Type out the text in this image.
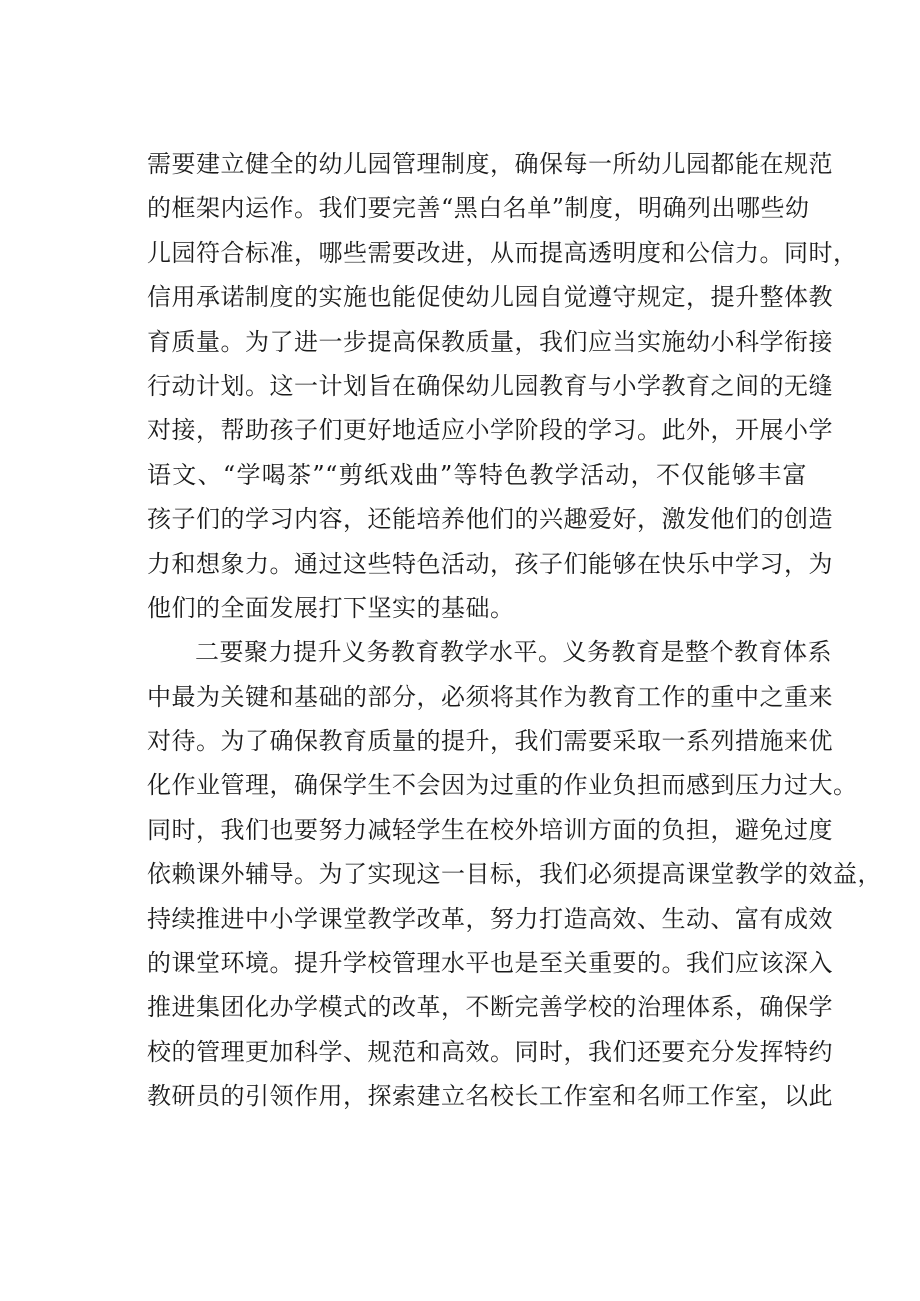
需要建立健全的幼儿园管理制度，确保每一所幼儿园都能在规范
的框架内运作。我们要完善“黑白名单”制度，明确列出哪些幼
儿园符合标准，哪些需要改进，从而提高透明度和公信力。同时，
信用承诺制度的实施也能促使幼儿园自觉遵守规定，提升整体教
育质量。为了进一步提高保教质量，我们应当实施幼小科学衔接
行动计划。这一计划旨在确保幼儿园教育与小学教育之间的无缝
对接，帮助孩子们更好地适应小学阶段的学习。此外，开展小学
语文、“学喝茶”“剪纸戏曲”等特色教学活动，不仅能够丰富
孩子们的学习内容，还能培养他们的兴趣爱好，激发他们的创造
力和想象力。通过这些特色活动，孩子们能够在快乐中学习，为
他们的全面发展打下坚实的基础。
二要聚力提升义务教育教学水平。义务教育是整个教育体系
中最为关键和基础的部分，必须将其作为教育工作的重中之重来
对待。为了确保教育质量的提升，我们需要采取一系列措施来优
化作业管理，确保学生不会因为过重的作业负担而感到压力过大。
同时，我们也要努力减轻学生在校外培训方面的负担，避免过度
依赖课外辅导。为了实现这一目标，我们必须提高课堂教学的效益，
持续推进中小学课堂教学改革，努力打造高效、生动、富有成效
的课堂环境。提升学校管理水平也是至关重要的。我们应该深入
推进集团化办学模式的改革，不断完善学校的治理体系，确保学
校的管理更加科学、规范和高效。同时，我们还要充分发挥特约
教研员的引领作用，探索建立名校长工作室和名师工作室，以此
